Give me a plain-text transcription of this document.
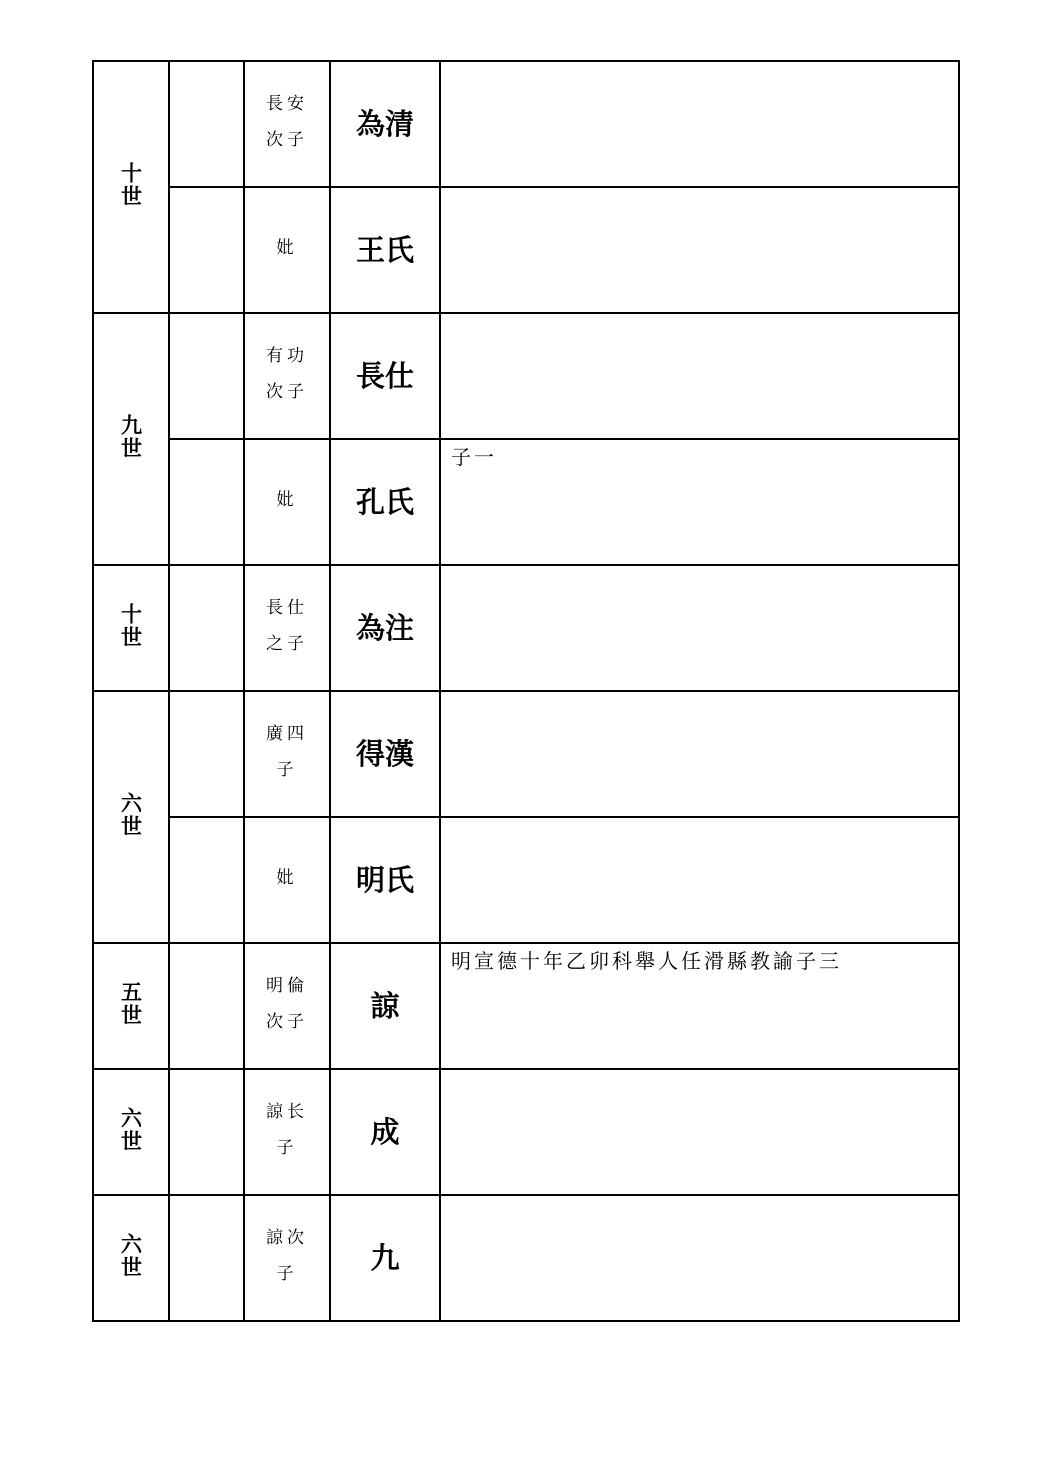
十世		長安次子	為清	

		妣	王氏	

九世		有功次子	長仕	

		妣	孔氏	子一

十世		長仕之子	為注	

六世		廣四子	得漢	

		妣	明氏	

五世		明倫次子	諒	明宣德十年乙卯科舉人任滑縣教諭子三

六世		諒长子	成	

六世		諒次子	九	
